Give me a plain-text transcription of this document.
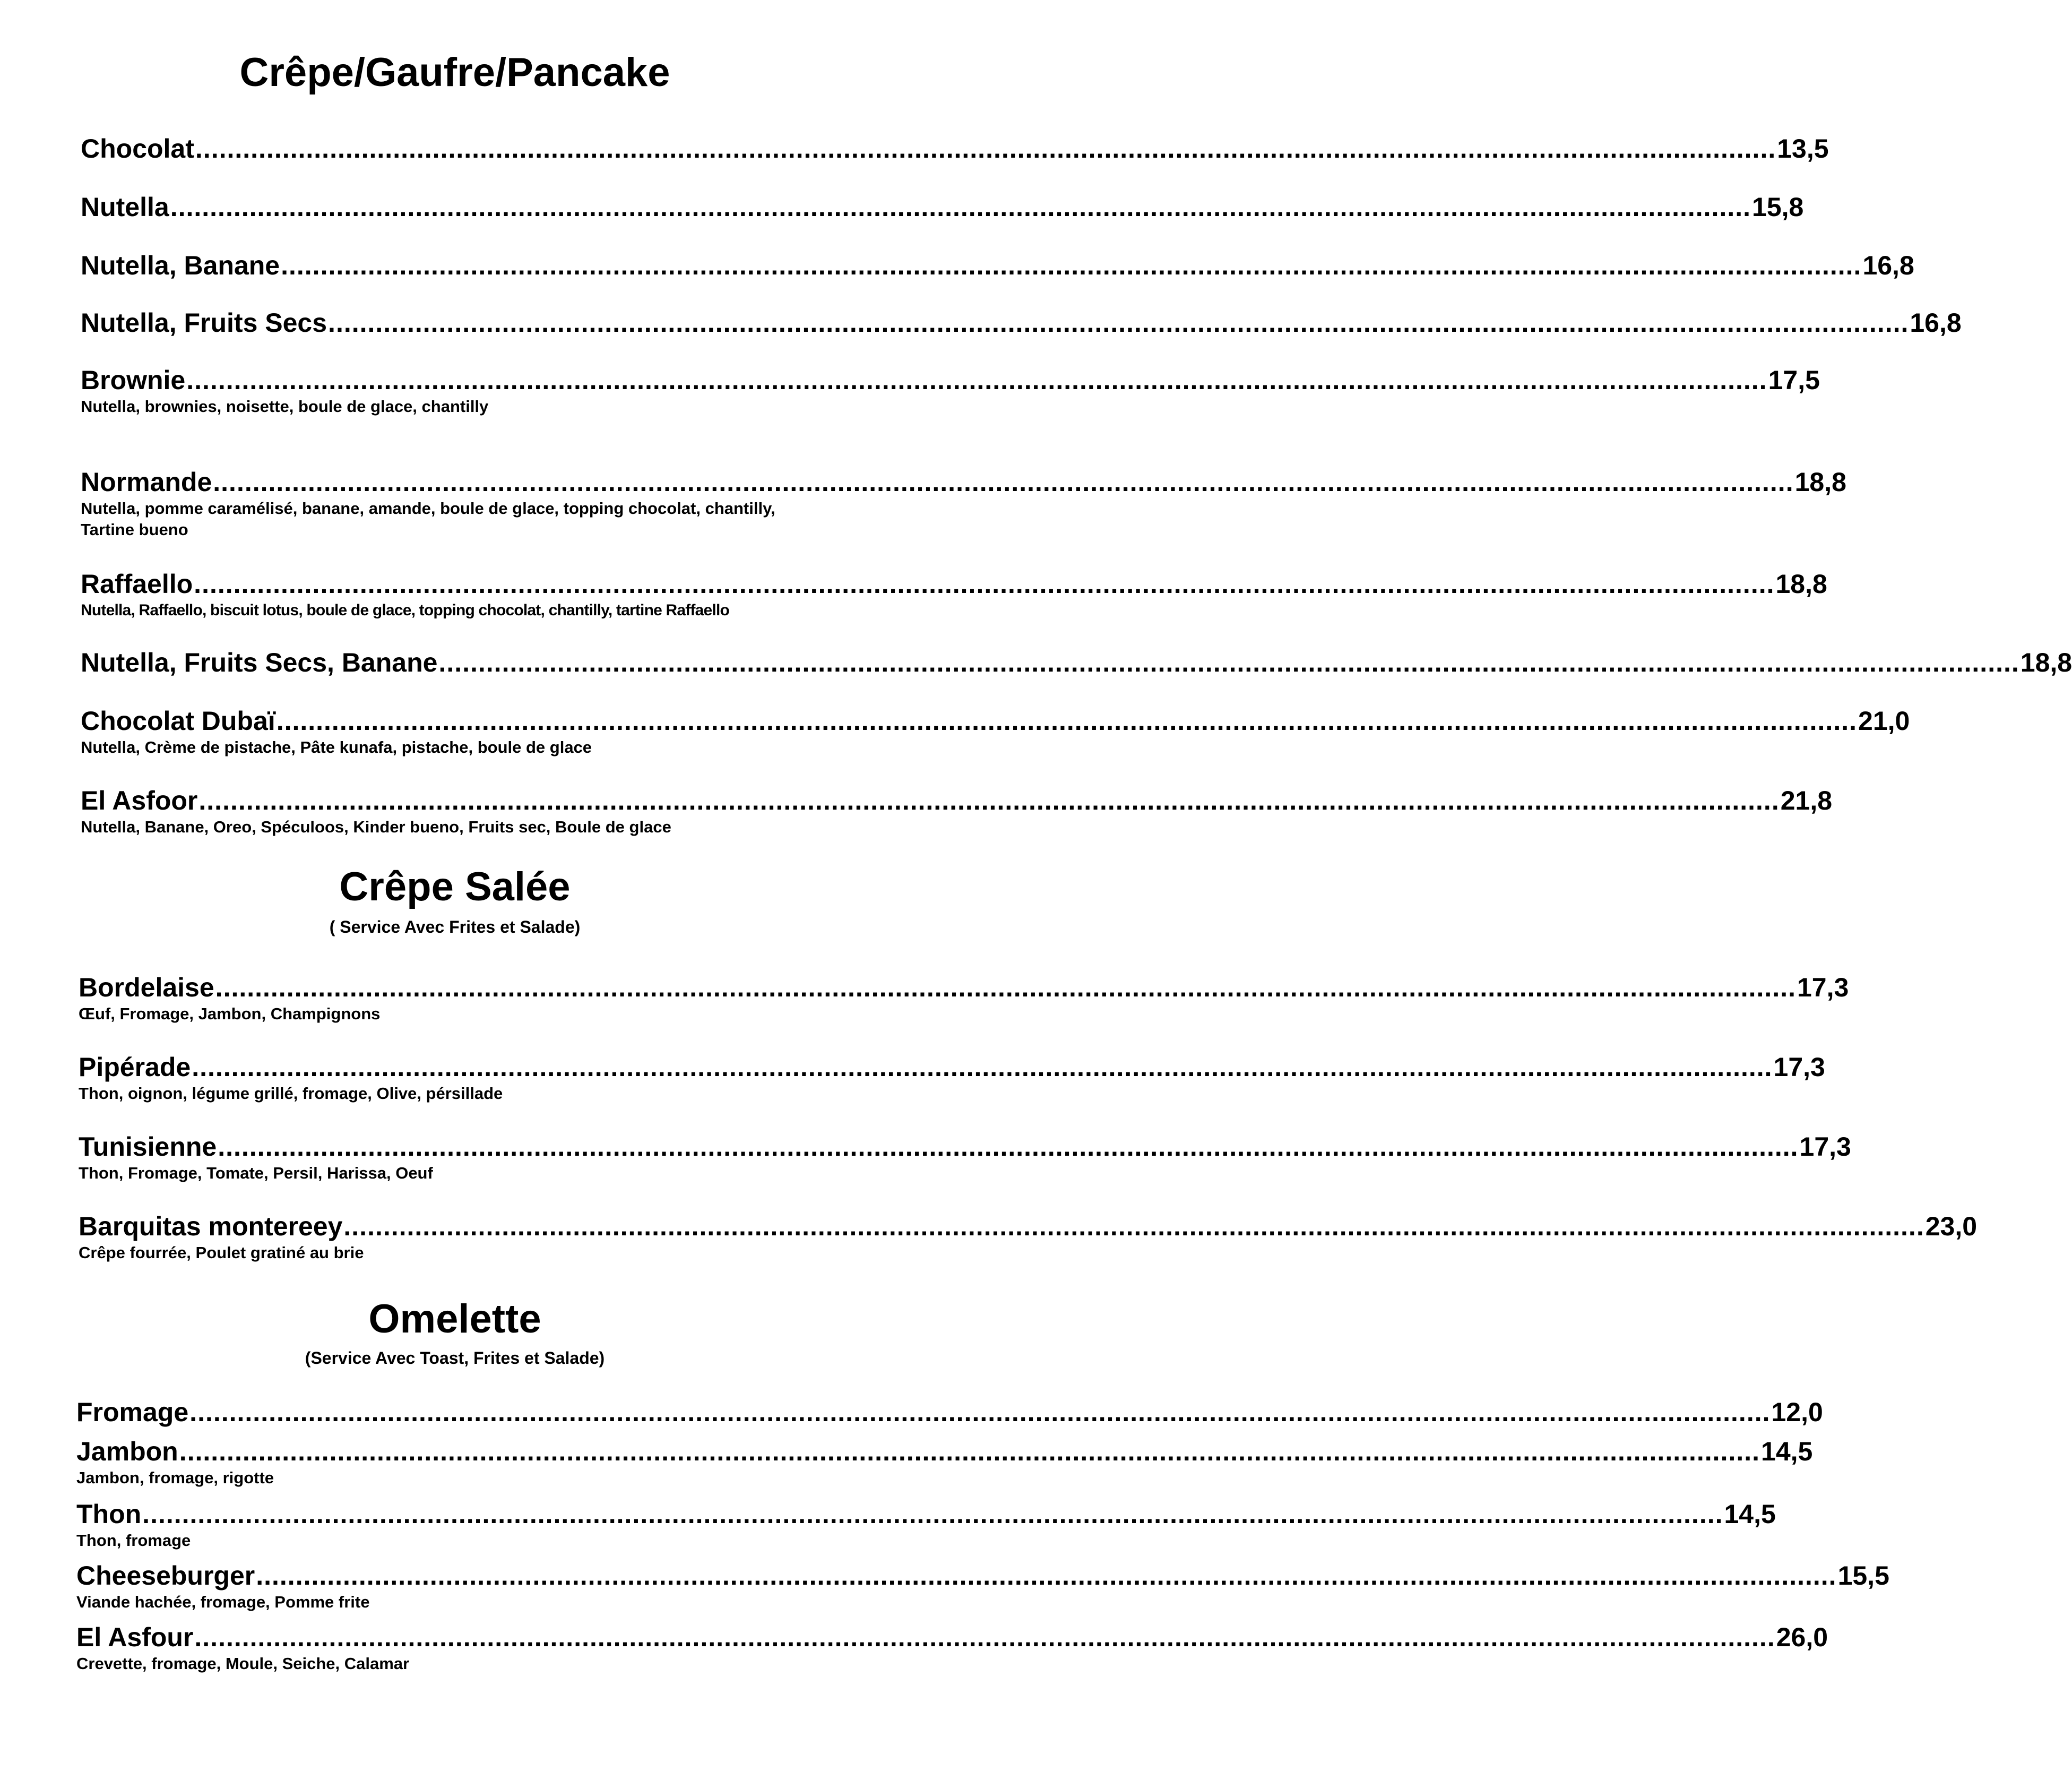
Crêpe/Gaufre/Pancake
Chocolat ........................................................................................................................................................................................................ 13,5
Nutella ........................................................................................................................................................................................................ 15,8
Nutella, Banane ........................................................................................................................................................................................................ 16,8
Nutella, Fruits Secs ........................................................................................................................................................................................................ 16,8
Brownie ........................................................................................................................................................................................................ 17,5
Nutella, brownies, noisette, boule de glace, chantilly
Normande ........................................................................................................................................................................................................ 18,8
Nutella, pomme caramélisé, banane, amande, boule de glace, topping chocolat, chantilly, Tartine bueno
Raffaello ........................................................................................................................................................................................................ 18,8
Nutella, Raffaello, biscuit lotus, boule de glace, topping chocolat, chantilly, tartine Raffaello
Nutella, Fruits Secs, Banane ........................................................................................................................................................................................................ 18,8
Chocolat Dubaï ........................................................................................................................................................................................................ 21,0
Nutella, Crème de pistache, Pâte kunafa, pistache, boule de glace
El Asfoor ........................................................................................................................................................................................................ 21,8
Nutella, Banane, Oreo, Spéculoos, Kinder bueno, Fruits sec, Boule de glace
Crêpe Salée
( Service Avec Frites et Salade)
Bordelaise ........................................................................................................................................................................................................ 17,3
Œuf, Fromage, Jambon, Champignons
Pipérade ........................................................................................................................................................................................................ 17,3
Thon, oignon, légume grillé, fromage, Olive, pérsillade
Tunisienne ........................................................................................................................................................................................................ 17,3
Thon, Fromage, Tomate, Persil, Harissa, Oeuf
Barquitas montereey ........................................................................................................................................................................................................ 23,0
Crêpe fourrée, Poulet gratiné au brie
Omelette
(Service Avec Toast, Frites et Salade)
Fromage ........................................................................................................................................................................................................ 12,0
Jambon ........................................................................................................................................................................................................ 14,5
Jambon, fromage, rigotte
Thon ........................................................................................................................................................................................................ 14,5
Thon, fromage
Cheeseburger ........................................................................................................................................................................................................ 15,5
Viande hachée, fromage, Pomme frite
El Asfour ........................................................................................................................................................................................................ 26,0
Crevette, fromage, Moule, Seiche, Calamar
